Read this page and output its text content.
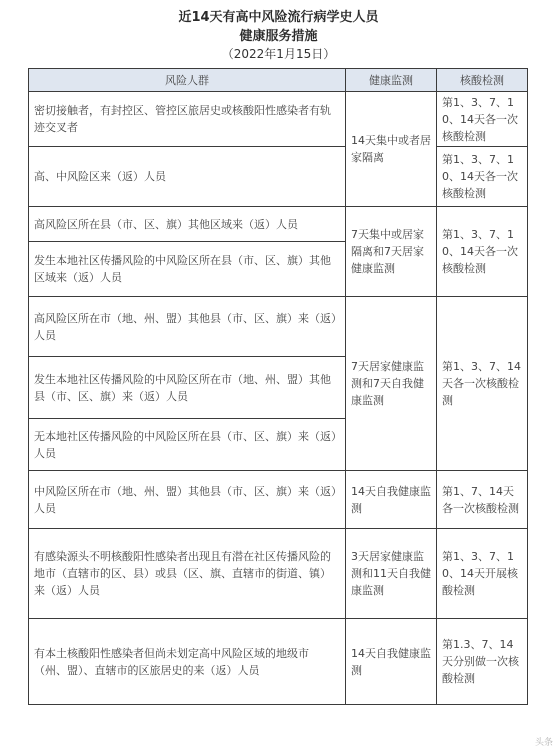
近14天有高中风险流行病学史人员
健康服务措施
（2022年1月15日）
风险人群	健康监测	核酸检测
密切接触者，有封控区、管控区旅居史或核酸阳性感染者有轨迹交叉者	14天集中或者居家隔离	第1、3、7、10、14天各一次核酸检测
高、中风险区来（返）人员		第1、3、7、10、14天各一次核酸检测
高风险区所在县（市、区、旗）其他区域来（返）人员	7天集中或居家隔离和7天居家健康监测	第1、3、7、10、14天各一次核酸检测
发生本地社区传播风险的中风险区所在县（市、区、旗）其他区域来（返）人员		
高风险区所在市（地、州、盟）其他县（市、区、旗）来（返）人员	7天居家健康监测和7天自我健康监测	第1、3、7、14天各一次核酸检测
发生本地社区传播风险的中风险区所在市（地、州、盟）其他县（市、区、旗）来（返）人员		
无本地社区传播风险的中风险区所在县（市、区、旗）来（返）人员		
中风险区所在市（地、州、盟）其他县（市、区、旗）来（返）人员	14天自我健康监测	第1、7、14天各一次核酸检测
有感染源头不明核酸阳性感染者出现且有潜在社区传播风险的地市（直辖市的区、县）或县（区、旗、直辖市的街道、镇）来（返）人员	3天居家健康监测和11天自我健康监测	第1、3、7、10、14天开展核酸检测
有本土核酸阳性感染者但尚未划定高中风险区域的地级市（州、盟）、直辖市的区旅居史的来（返）人员	14天自我健康监测	第1.3、7、14天分别做一次核酸检测
头条
